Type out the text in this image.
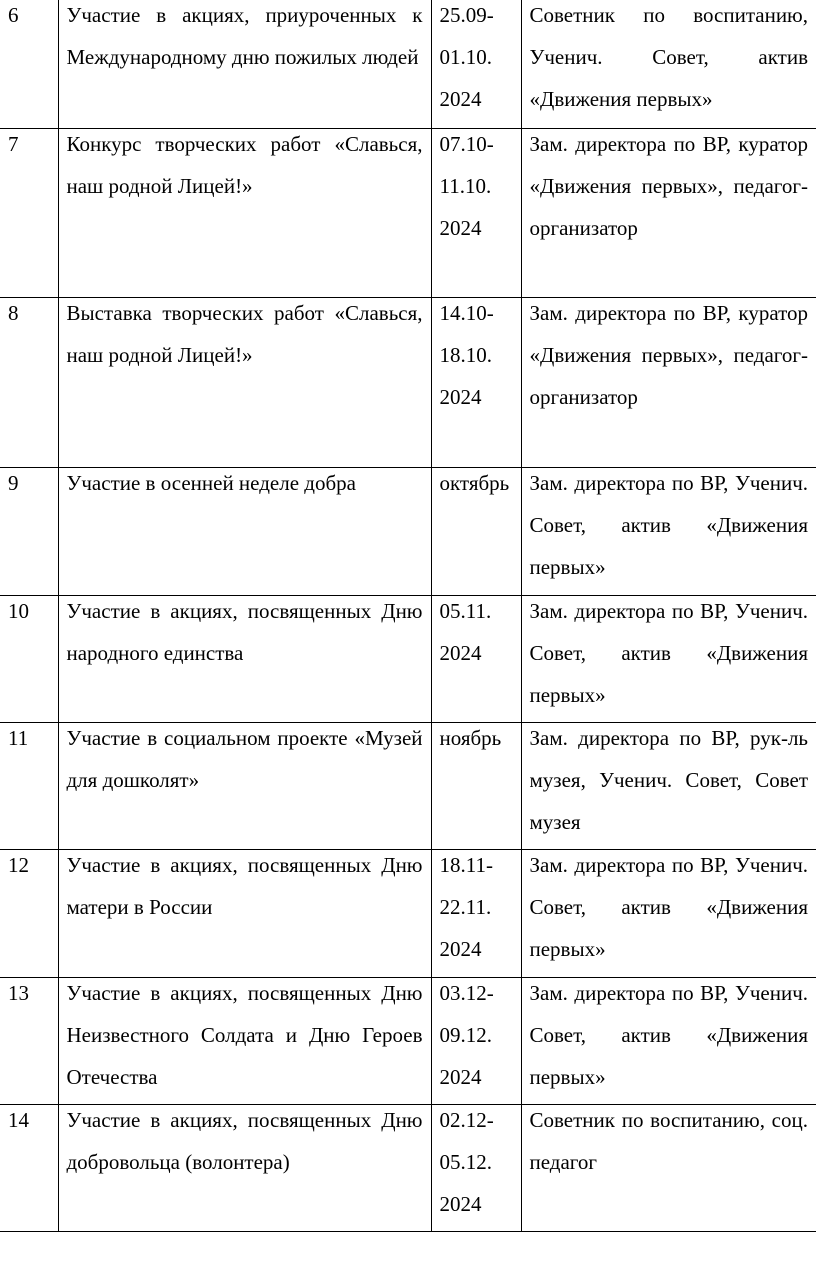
6	Участие в акциях, приуроченных к Международному дню пожилых людей	25.09-01.10. 2024	Советник по воспитанию, Ученич. Совет, актив «Движения первых»

7	Конкурс творческих работ «Славься, наш родной Лицей!»	07.10-11.10. 2024	Зам. директора по ВР, куратор «Движения первых», педагог-организатор

8	Выставка творческих работ «Славься, наш родной Лицей!»	14.10-18.10. 2024	Зам. директора по ВР, куратор «Движения первых», педагог-организатор

9	Участие в осенней неделе добра	октябрь	Зам. директора по ВР, Ученич. Совет, актив «Движения первых»

10	Участие в акциях, посвященных Дню народного единства	05.11. 2024	Зам. директора по ВР, Ученич. Совет, актив «Движения первых»

11	Участие в социальном проекте «Музей для дошколят»	ноябрь	Зам. директора по ВР, рук-ль музея, Ученич. Совет, Совет музея

12	Участие в акциях, посвященных Дню матери в России	18.11-22.11. 2024	Зам. директора по ВР, Ученич. Совет, актив «Движения первых»

13	Участие в акциях, посвященных Дню Неизвестного Солдата и Дню Героев Отечества	03.12-09.12. 2024	Зам. директора по ВР, Ученич. Совет, актив «Движения первых»

14	Участие в акциях, посвященных Дню добровольца (волонтера)	02.12-05.12. 2024	Советник по воспитанию, соц. педагог
